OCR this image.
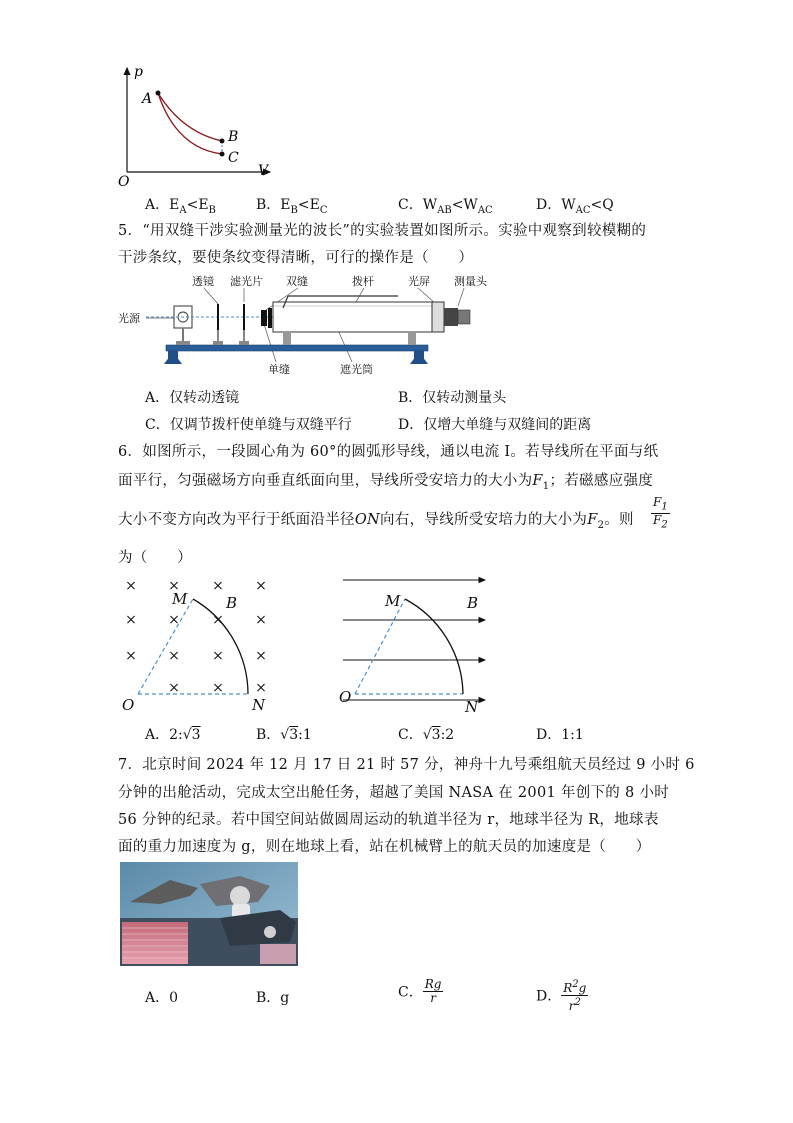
p
A
B
C
V
O
A．$E_A<E_B$	B．$E_B<E_C$	C．$W_{AB}<W_{AC}$	D．$W_{AC}<Q$
5．“用双缝干涉实验测量光的波长”的实验装置如图所示。实验中观察到较模糊的
干涉条纹，要使条纹变得清晰，可行的操作是（　　）
透镜 滤光片 双缝	拨杆	光屏 测量头
光源
单缝	遮光筒
A．仅转动透镜	B．仅转动测量头
C．仅调节拨杆使单缝与双缝平行	D．仅增大单缝与双缝间的距离
6．如图所示，一段圆心角为 60°的圆弧形导线，通以电流 I。若导线所在平面与纸
面平行，匀强磁场方向垂直纸面向里，导线所受安培力的大小为$F_1$；若磁感应强度
大小不变方向改为平行于纸面沿半径ON向右，导线所受安培力的大小为$F_2$。则 $\frac{F_1}{F_2}$
为（　　）
× × × ×
× × × ×
× × × ×
× × ×
M	B
O	N
M	B
O
N
A．2:√3	B．√3:1	C．√3:2	D．1:1
7．北京时间 2024 年 12 月 17 日 21 时 57 分，神舟十九号乘组航天员经过 9 小时 6
分钟的出舱活动，完成太空出舱任务，超越了美国 NASA 在 2001 年创下的 8 小时
56 分钟的纪录。若中国空间站做圆周运动的轨道半径为 r，地球半径为 R，地球表
面的重力加速度为 g，则在地球上看，站在机械臂上的航天员的加速度是（　　）
A．0	B．g	C． $\frac{Rg}{r}$	D． $\frac{R^2g}{r^2}$
